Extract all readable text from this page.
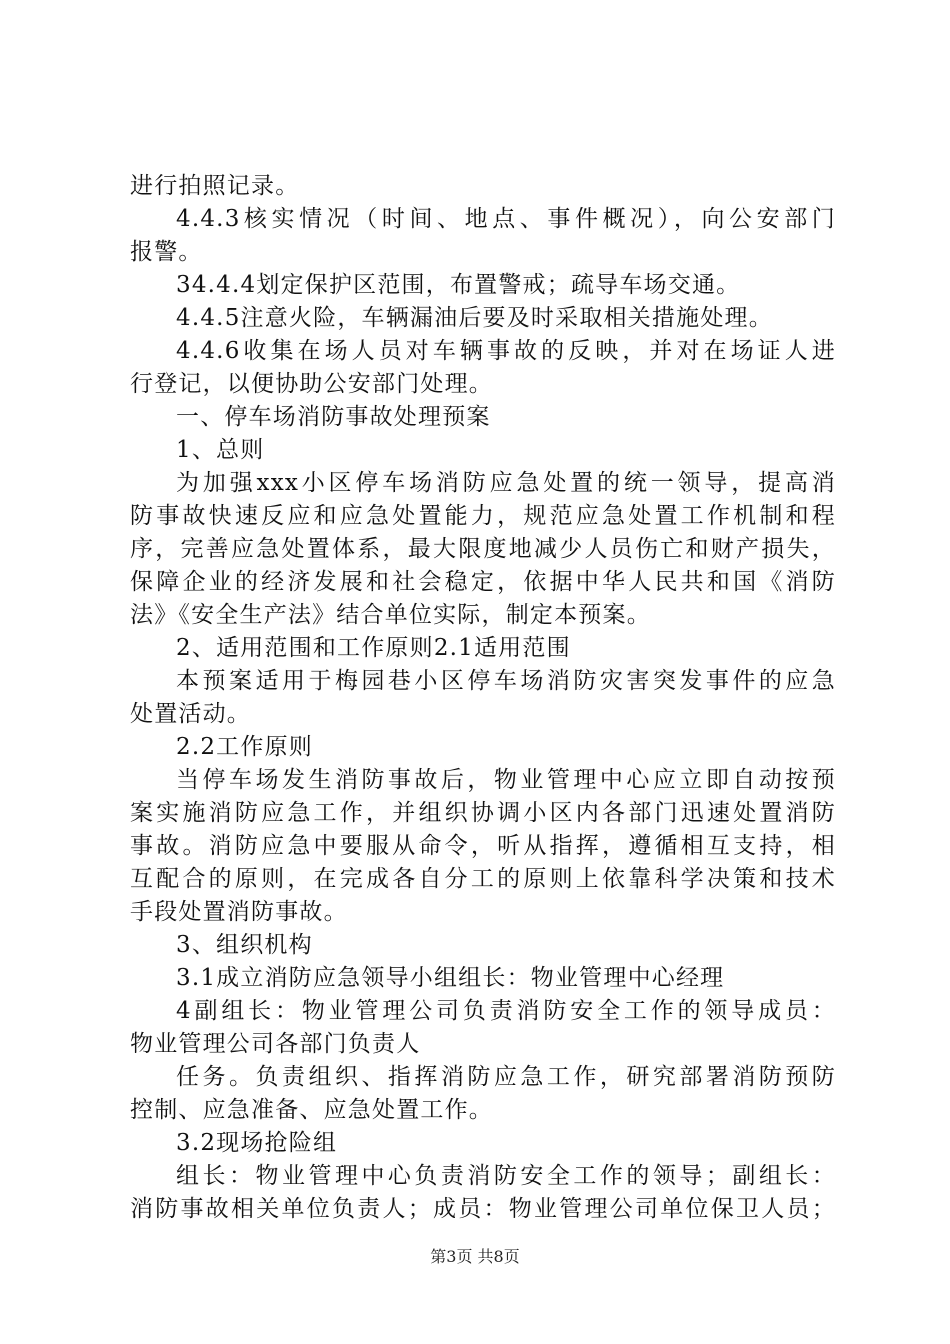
进行拍照记录。
4.4.3核实情况（时间、地点、事件概况），向公安部门
报警。
34.4.4划定保护区范围，布置警戒；疏导车场交通。
4.4.5注意火险，车辆漏油后要及时采取相关措施处理。
4.4.6收集在场人员对车辆事故的反映，并对在场证人进
行登记，以便协助公安部门处理。
一、停车场消防事故处理预案
1、总则
为加强xxx小区停车场消防应急处置的统一领导，提高消
防事故快速反应和应急处置能力，规范应急处置工作机制和程
序，完善应急处置体系，最大限度地减少人员伤亡和财产损失，
保障企业的经济发展和社会稳定，依据中华人民共和国《消防
法》《安全生产法》结合单位实际，制定本预案。
2、适用范围和工作原则2.1适用范围
本预案适用于梅园巷小区停车场消防灾害突发事件的应急
处置活动。
2.2工作原则
当停车场发生消防事故后，物业管理中心应立即自动按预
案实施消防应急工作，并组织协调小区内各部门迅速处置消防
事故。消防应急中要服从命令，听从指挥，遵循相互支持，相
互配合的原则，在完成各自分工的原则上依靠科学决策和技术
手段处置消防事故。
3、组织机构
3.1成立消防应急领导小组组长：物业管理中心经理
4副组长：物业管理公司负责消防安全工作的领导成员：
物业管理公司各部门负责人
任务。负责组织、指挥消防应急工作，研究部署消防预防
控制、应急准备、应急处置工作。
3.2现场抢险组
组长：物业管理中心负责消防安全工作的领导；副组长：
消防事故相关单位负责人；成员：物业管理公司单位保卫人员；
第3页 共8页
